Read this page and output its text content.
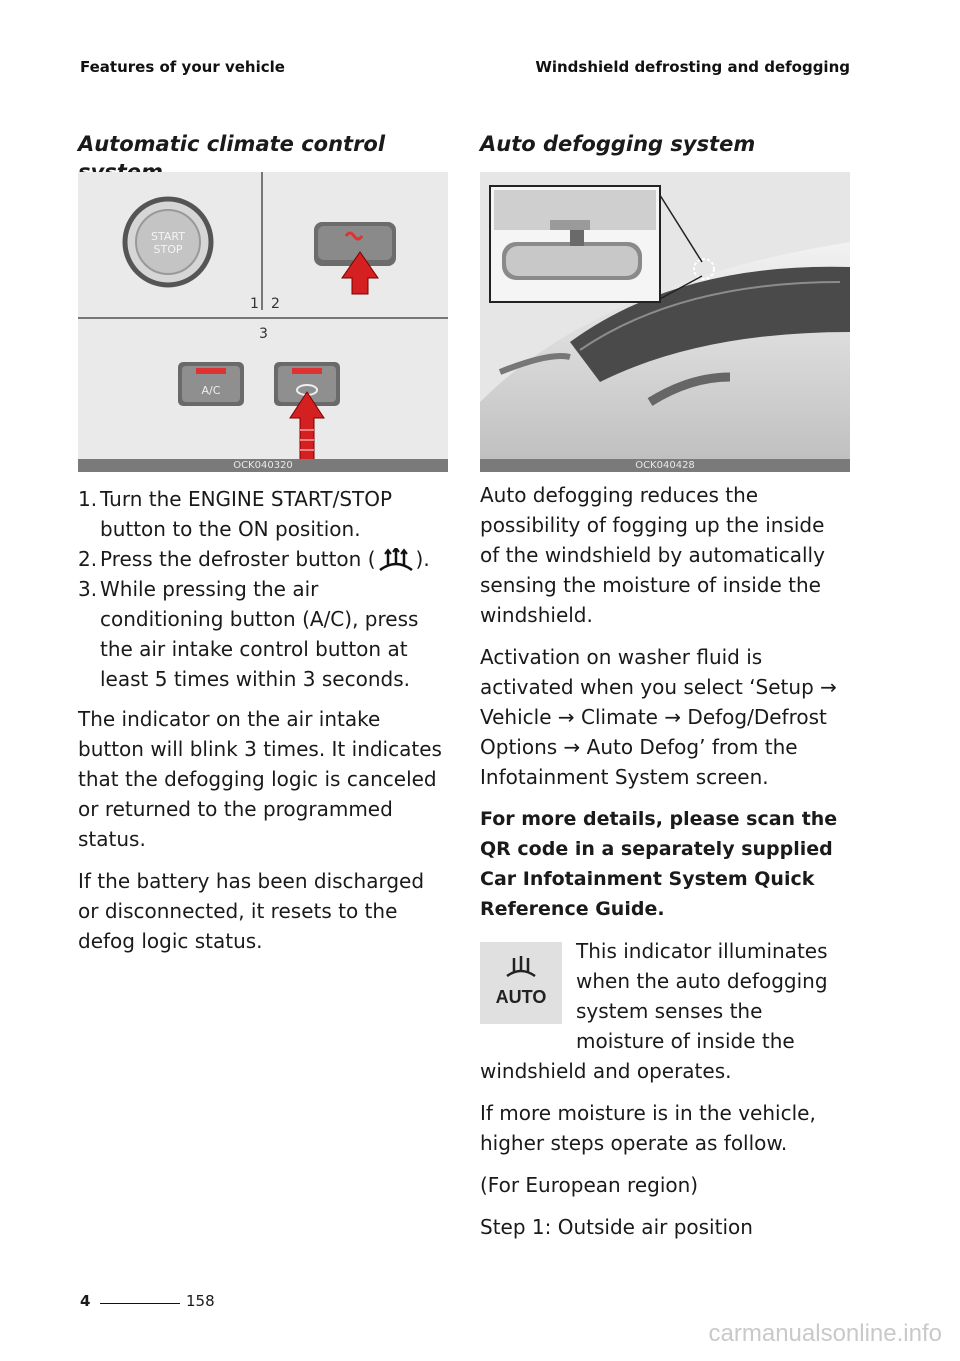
Features of your vehicle	Windshield defrosting and defogging
Automatic climate control
START
STOP
1 2
3
A/C
OCK040320
1. Turn the ENGINE START/STOP button to the ON position.
2. Press the defroster button ( ).
3. While pressing the air conditioning button (A/C), press the air intake control button at least 5 times within 3 seconds.

The indicator on the air intake button will blink 3 times. It indicates that the defogging logic is canceled or returned to the programmed status.

If the battery has been discharged or disconnected, it resets to the defog logic status.

Auto defogging system
OCK040428

Auto defogging reduces the possibility of fogging up the inside of the windshield by automatically sensing the moisture of inside the windshield.

Activation on washer fluid is activated when you select ‘Setup → Vehicle → Climate → Defog/Defrost Options → Auto Defog’ from the Infotainment System screen.

For more details, please scan the QR code in a separately supplied Car Infotainment System Quick Reference Guide.

AUTO

This indicator illuminates when the auto defogging system senses the moisture of inside the windshield and operates.

If more moisture is in the vehicle, higher steps operate as follow.

(For European region)

Step 1: Outside air position

4	158
carmanualsonline.info
